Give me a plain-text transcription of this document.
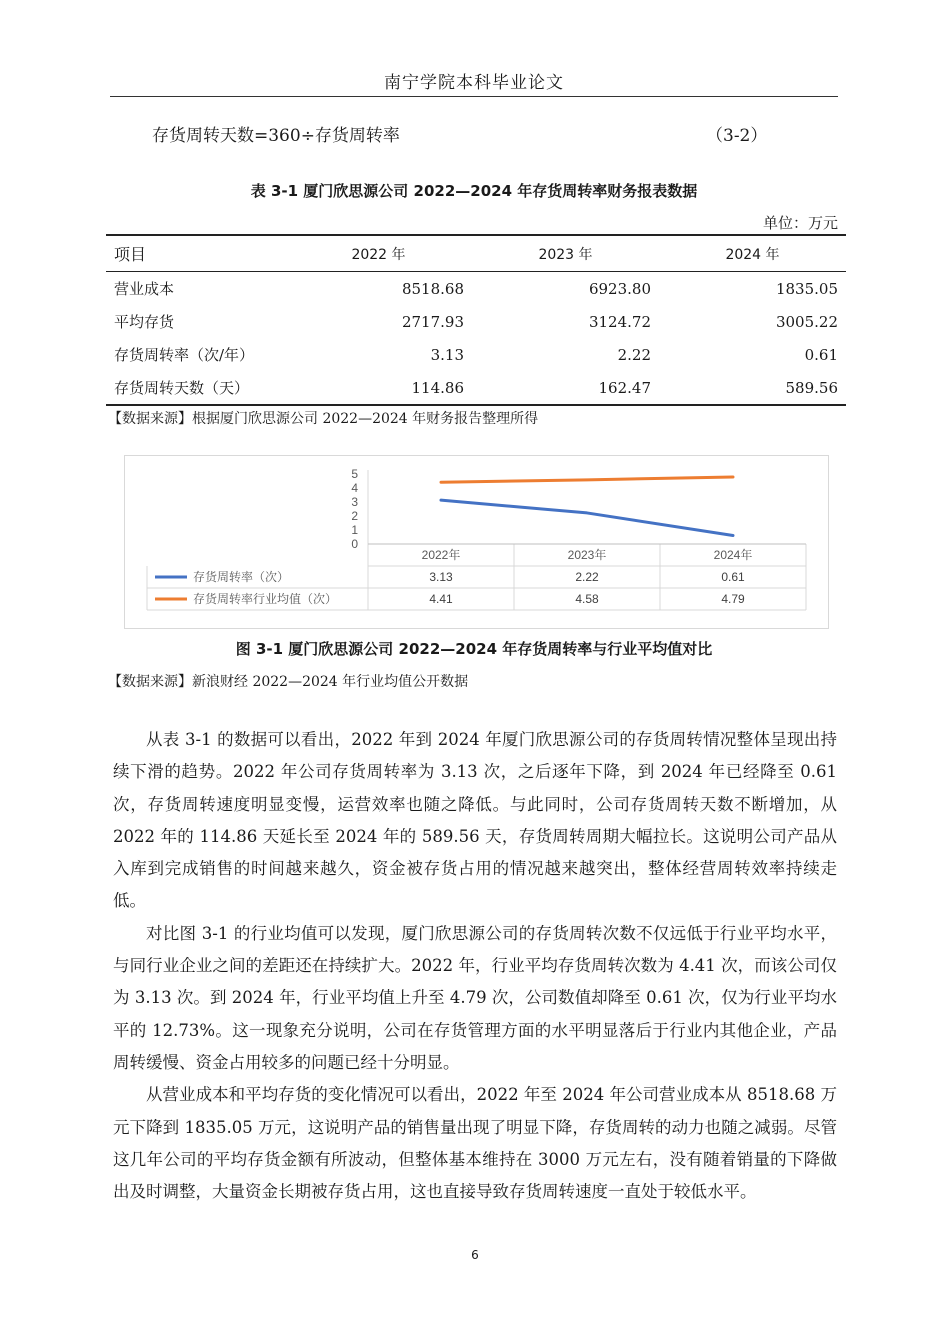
南宁学院本科毕业论文
存货周转天数=360÷存货周转率	（3-2）
表 3-1 厦门欣思源公司 2022—2024 年存货周转率财务报表数据
单位：万元
项目	2022 年	2023 年	2024 年
营业成本	8518.68	6923.80	1835.05
平均存货	2717.93	3124.72	3005.22
存货周转率（次/年）	3.13	2.22	0.61
存货周转天数（天）	114.86	162.47	589.56
【数据来源】根据厦门欣思源公司 2022—2024 年财务报告整理所得
5
4
3
2
1
0
2022年	2023年	2024年
存货周转率（次）	3.13	2.22	0.61
存货周转率行业均值（次）	4.41	4.58	4.79
图 3-1 厦门欣思源公司 2022—2024 年存货周转率与行业平均值对比
【数据来源】新浪财经 2022—2024 年行业均值公开数据

从表 3-1 的数据可以看出，2022 年到 2024 年厦门欣思源公司的存货周转情况整体呈现出持续下滑的趋势。2022 年公司存货周转率为 3.13 次，之后逐年下降，到 2024 年已经降至 0.61 次，存货周转速度明显变慢，运营效率也随之降低。与此同时，公司存货周转天数不断增加，从 2022 年的 114.86 天延长至 2024 年的 589.56 天，存货周转周期大幅拉长。这说明公司产品从入库到完成销售的时间越来越久，资金被存货占用的情况越来越突出，整体经营周转效率持续走低。

对比图 3-1 的行业均值可以发现，厦门欣思源公司的存货周转次数不仅远低于行业平均水平，与同行业企业之间的差距还在持续扩大。2022 年，行业平均存货周转次数为 4.41 次，而该公司仅为 3.13 次。到 2024 年，行业平均值上升至 4.79 次，公司数值却降至 0.61 次，仅为行业平均水平的 12.73%。这一现象充分说明，公司在存货管理方面的水平明显落后于行业内其他企业，产品周转缓慢、资金占用较多的问题已经十分明显。

从营业成本和平均存货的变化情况可以看出，2022 年至 2024 年公司营业成本从 8518.68 万元下降到 1835.05 万元，这说明产品的销售量出现了明显下降，存货周转的动力也随之减弱。尽管这几年公司的平均存货金额有所波动，但整体基本维持在 3000 万元左右，没有随着销量的下降做出及时调整，大量资金长期被存货占用，这也直接导致存货周转速度一直处于较低水平。

6
